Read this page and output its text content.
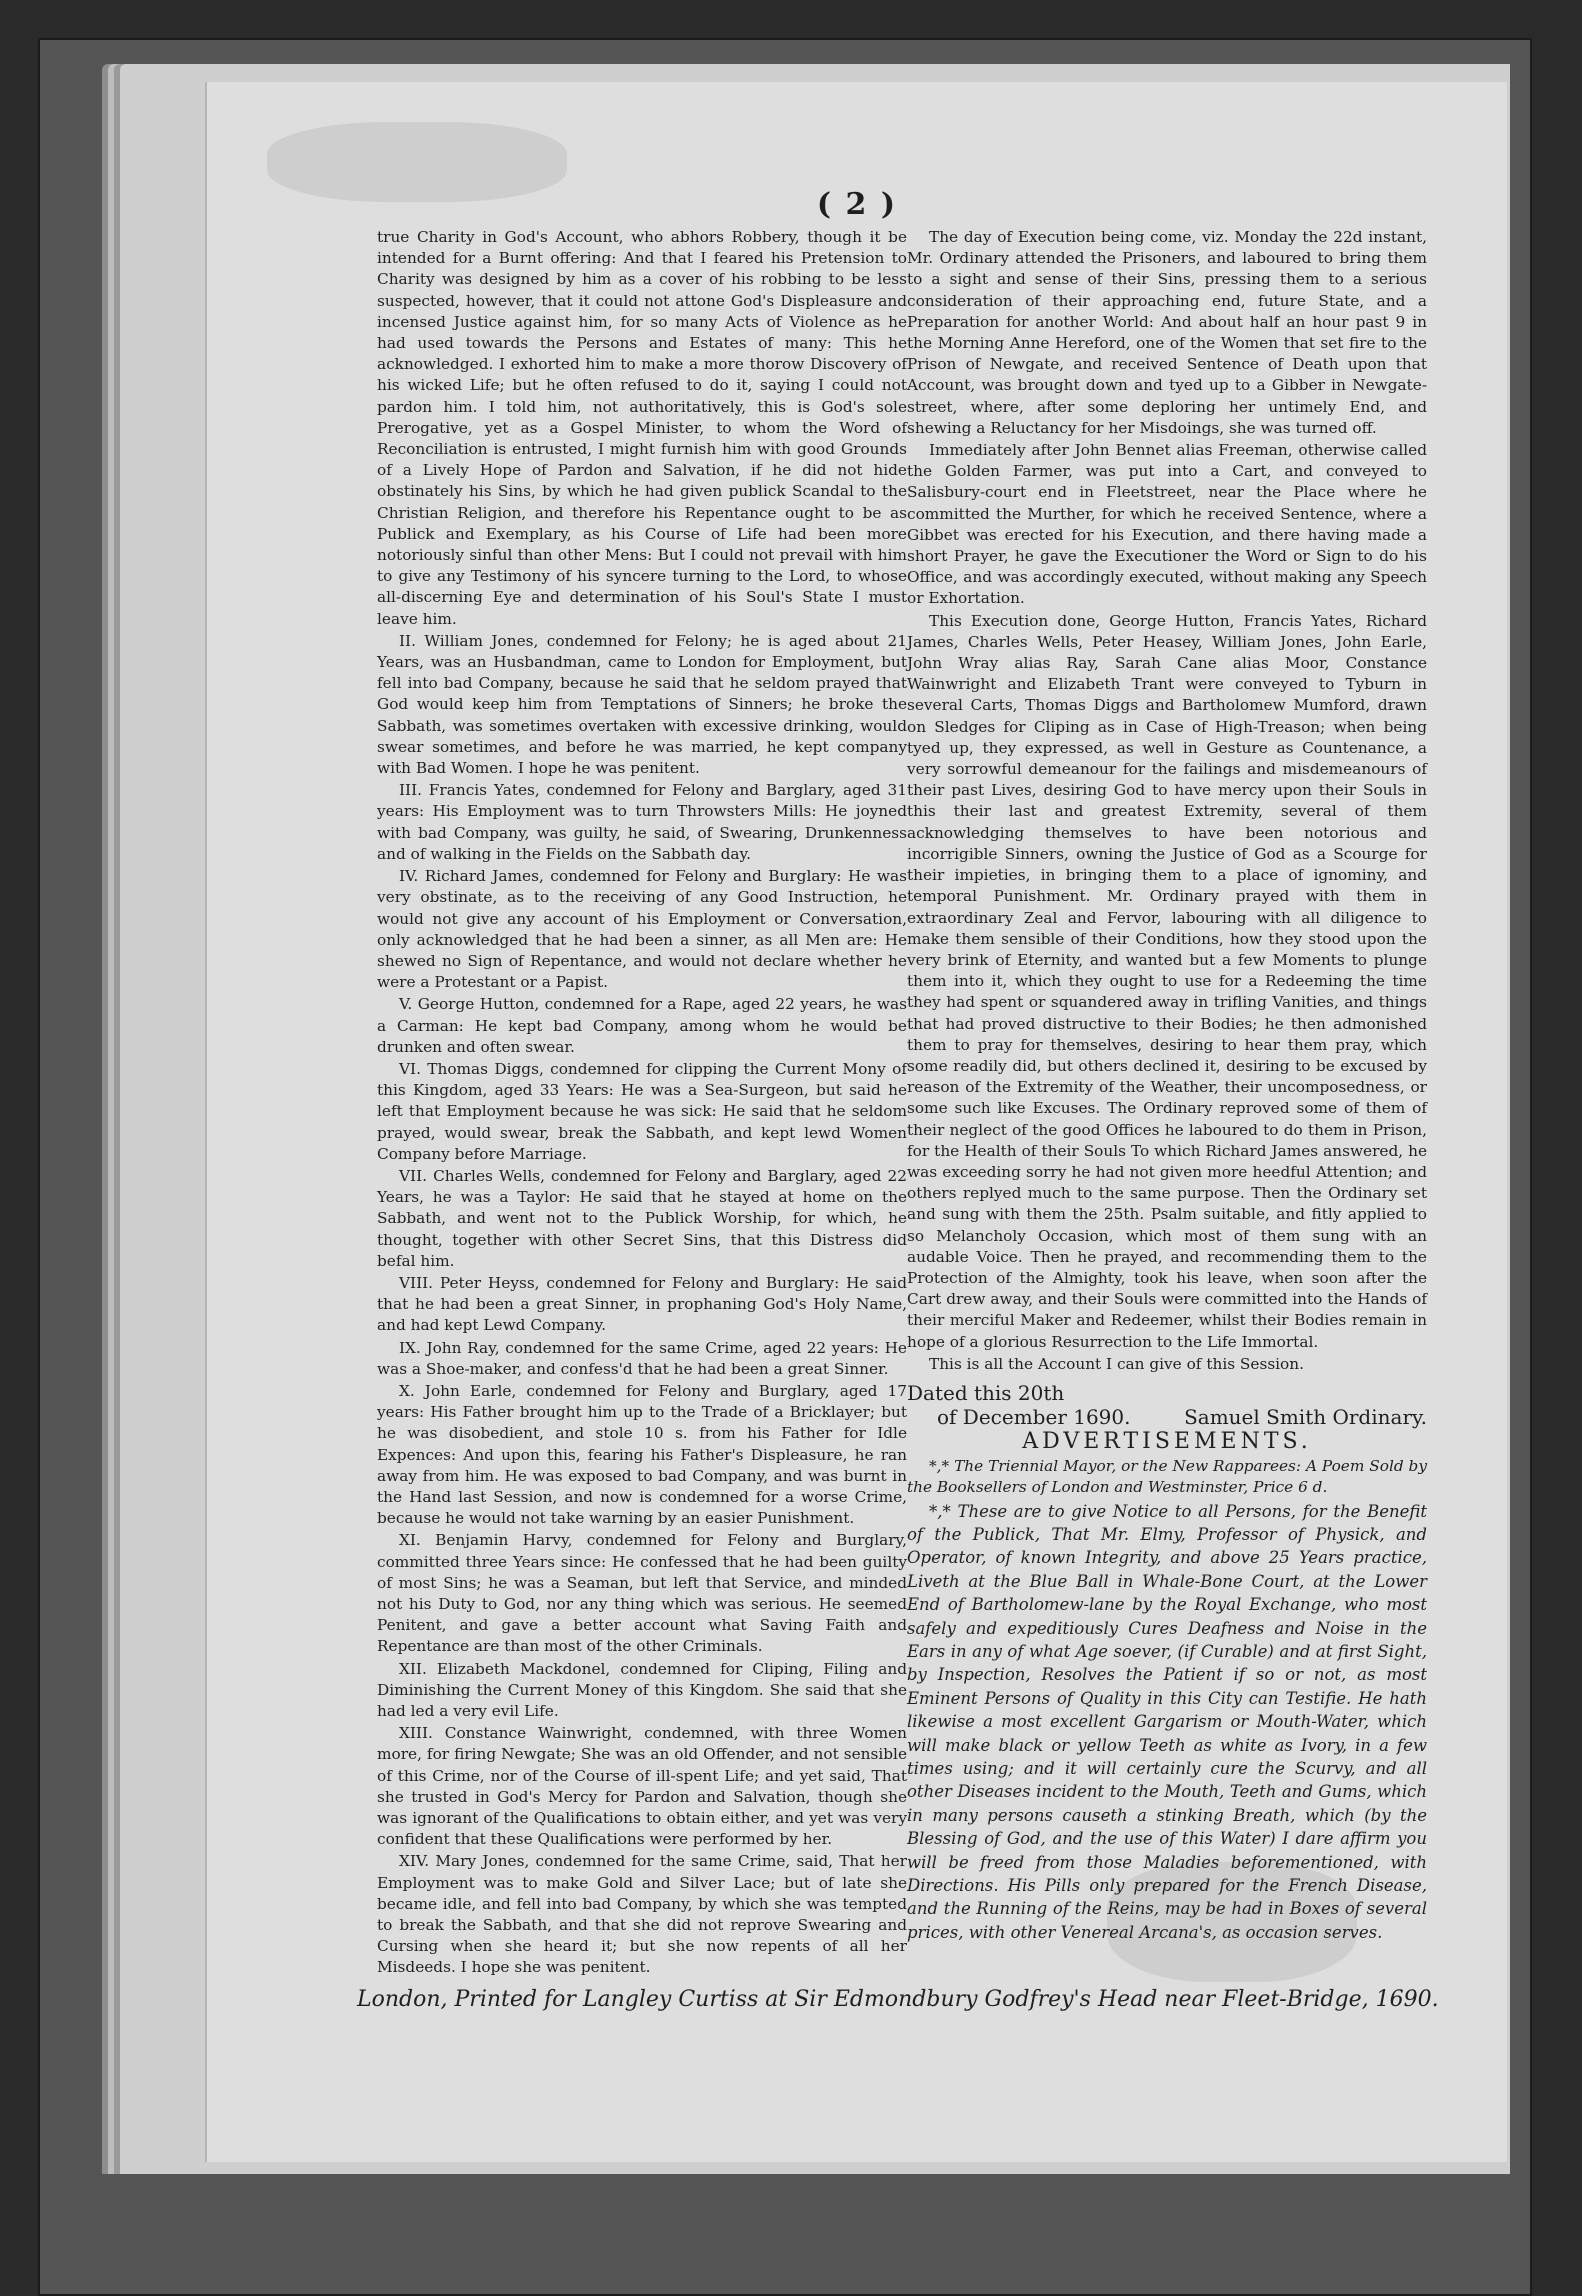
( 2 )

true Charity in God's Account, who abhors Robbery, though it be intended for a Burnt offering: And that I feared his Pretension to Charity was designed by him as a cover of his robbing to be less suspected, however, that it could not attone God's Displeasure and incensed Justice against him, for so many Acts of Violence as he had used towards the Persons and Estates of many: This he acknowledged. I exhorted him to make a more thorow Discovery of his wicked Life; but he often refused to do it, saying I could not pardon him. I told him, not authoritatively, this is God's sole Prerogative, yet as a Gospel Minister, to whom the Word of Reconciliation is entrusted, I might furnish him with good Grounds of a Lively Hope of Pardon and Salvation, if he did not hide obstinately his Sins, by which he had given publick Scandal to the Christian Religion, and therefore his Repentance ought to be as Publick and Exemplary, as his Course of Life had been more notoriously sinful than other Mens: But I could not prevail with him to give any Testimony of his syncere turning to the Lord, to whose all-discerning Eye and determination of his Soul's State I must leave him.

II. William Jones, condemned for Felony; he is aged about 21 Years, was an Husbandman, came to London for Employment, but fell into bad Company, because he said that he seldom prayed that God would keep him from Temptations of Sinners; he broke the Sabbath, was sometimes overtaken with excessive drinking, would swear sometimes, and before he was married, he kept company with Bad Women. I hope he was penitent.

III. Francis Yates, condemned for Felony and Barglary, aged 31 years: His Employment was to turn Throwsters Mills: He joyned with bad Company, was guilty, he said, of Swearing, Drunkenness and of walking in the Fields on the Sabbath day.

IV. Richard James, condemned for Felony and Burglary: He was very obstinate, as to the receiving of any Good Instruction, he would not give any account of his Employment or Conversation, only acknowledged that he had been a sinner, as all Men are: He shewed no Sign of Repentance, and would not declare whether he were a Protestant or a Papist.

V. George Hutton, condemned for a Rape, aged 22 years, he was a Carman: He kept bad Company, among whom he would be drunken and often swear.

VI. Thomas Diggs, condemned for clipping the Current Mony of this Kingdom, aged 33 Years: He was a Sea-Surgeon, but said he left that Employment because he was sick: He said that he seldom prayed, would swear, break the Sabbath, and kept lewd Women Company before Marriage.

VII. Charles Wells, condemned for Felony and Barglary, aged 22 Years, he was a Taylor: He said that he stayed at home on the Sabbath, and went not to the Publick Worship, for which, he thought, together with other Secret Sins, that this Distress did befal him.

VIII. Peter Heyss, condemned for Felony and Burglary: He said that he had been a great Sinner, in prophaning God's Holy Name, and had kept Lewd Company.

IX. John Ray, condemned for the same Crime, aged 22 years: He was a Shoe-maker, and confess'd that he had been a great Sinner.

X. John Earle, condemned for Felony and Burglary, aged 17 years: His Father brought him up to the Trade of a Bricklayer; but he was disobedient, and stole 10 s. from his Father for Idle Expences: And upon this, fearing his Father's Displeasure, he ran away from him. He was exposed to bad Company, and was burnt in the Hand last Session, and now is condemned for a worse Crime, because he would not take warning by an easier Punishment.

XI. Benjamin Harvy, condemned for Felony and Burglary, committed three Years since: He confessed that he had been guilty of most Sins; he was a Seaman, but left that Service, and minded not his Duty to God, nor any thing which was serious. He seemed Penitent, and gave a better account what Saving Faith and Repentance are than most of the other Criminals.

XII. Elizabeth Mackdonel, condemned for Cliping, Filing and Diminishing the Current Money of this Kingdom. She said that she had led a very evil Life.

XIII. Constance Wainwright, condemned, with three Women more, for firing Newgate; She was an old Offender, and not sensible of this Crime, nor of the Course of ill-spent Life; and yet said, That she trusted in God's Mercy for Pardon and Salvation, though she was ignorant of the Qualifications to obtain either, and yet was very confident that these Qualifications were performed by her.

XIV. Mary Jones, condemned for the same Crime, said, That her Employment was to make Gold and Silver Lace; but of late she became idle, and fell into bad Company, by which she was tempted to break the Sabbath, and that she did not reprove Swearing and Cursing when she heard it; but she now repents of all her Misdeeds. I hope she was penitent.

The day of Execution being come, viz. Monday the 22d instant, Mr. Ordinary attended the Prisoners, and laboured to bring them to a sight and sense of their Sins, pressing them to a serious consideration of their approaching end, future State, and a Preparation for another World: And about half an hour past 9 in the Morning Anne Hereford, one of the Women that set fire to the Prison of Newgate, and received Sentence of Death upon that Account, was brought down and tyed up to a Gibber in Newgate-street, where, after some deploring her untimely End, and shewing a Reluctancy for her Misdoings, she was turned off.

Immediately after John Bennet alias Freeman, otherwise called the Golden Farmer, was put into a Cart, and conveyed to Salisbury-court end in Fleetstreet, near the Place where he committed the Murther, for which he received Sentence, where a Gibbet was erected for his Execution, and there having made a short Prayer, he gave the Executioner the Word or Sign to do his Office, and was accordingly executed, without making any Speech or Exhortation.

This Execution done, George Hutton, Francis Yates, Richard James, Charles Wells, Peter Heasey, William Jones, John Earle, John Wray alias Ray, Sarah Cane alias Moor, Constance Wainwright and Elizabeth Trant were conveyed to Tyburn in several Carts, Thomas Diggs and Bartholomew Mumford, drawn on Sledges for Cliping as in Case of High-Treason; when being tyed up, they expressed, as well in Gesture as Countenance, a very sorrowful demeanour for the failings and misdemeanours of their past Lives, desiring God to have mercy upon their Souls in this their last and greatest Extremity, several of them acknowledging themselves to have been notorious and incorrigible Sinners, owning the Justice of God as a Scourge for their impieties, in bringing them to a place of ignominy, and temporal Punishment. Mr. Ordinary prayed with them in extraordinary Zeal and Fervor, labouring with all diligence to make them sensible of their Conditions, how they stood upon the very brink of Eternity, and wanted but a few Moments to plunge them into it, which they ought to use for a Redeeming the time they had spent or squandered away in trifling Vanities, and things that had proved distructive to their Bodies; he then admonished them to pray for themselves, desiring to hear them pray, which some readily did, but others declined it, desiring to be excused by reason of the Extremity of the Weather, their uncomposedness, or some such like Excuses. The Ordinary reproved some of them of their neglect of the good Offices he laboured to do them in Prison, for the Health of their Souls To which Richard James answered, he was exceeding sorry he had not given more heedful Attention; and others replyed much to the same purpose. Then the Ordinary set and sung with them the 25th. Psalm suitable, and fitly applied to so Melancholy Occasion, which most of them sung with an audable Voice. Then he prayed, and recommending them to the Protection of the Almighty, took his leave, when soon after the Cart drew away, and their Souls were committed into the Hands of their merciful Maker and Redeemer, whilst their Bodies remain in hope of a glorious Resurrection to the Life Immortal.

This is all the Account I can give of this Session.

Dated this 20th
of December 1690.	Samuel Smith Ordinary.
ADVERTISEMENTS.

*,* The Triennial Mayor, or the New Rapparees: A Poem Sold by the Booksellers of London and Westminster, Price 6 d.

*,* These are to give Notice to all Persons, for the Benefit of the Publick, That Mr. Elmy, Professor of Physick, and Operator, of known Integrity, and above 25 Years practice, Liveth at the Blue Ball in Whale-Bone Court, at the Lower End of Bartholomew-lane by the Royal Exchange, who most safely and expeditiously Cures Deafness and Noise in the Ears in any of what Age soever, (if Curable) and at first Sight, by Inspection, Resolves the Patient if so or not, as most Eminent Persons of Quality in this City can Testifie. He hath likewise a most excellent Gargarism or Mouth-Water, which will make black or yellow Teeth as white as Ivory, in a few times using; and it will certainly cure the Scurvy, and all other Diseases incident to the Mouth, Teeth and Gums, which in many persons causeth a stinking Breath, which (by the Blessing of God, and the use of this Water) I dare affirm you will be freed from those Maladies beforementioned, with Directions. His Pills only prepared for the French Disease, and the Running of the Reins, may be had in Boxes of several prices, with other Venereal Arcana's, as occasion serves.

London, Printed for Langley Curtiss at Sir Edmondbury Godfrey's Head near Fleet-Bridge, 1690.
